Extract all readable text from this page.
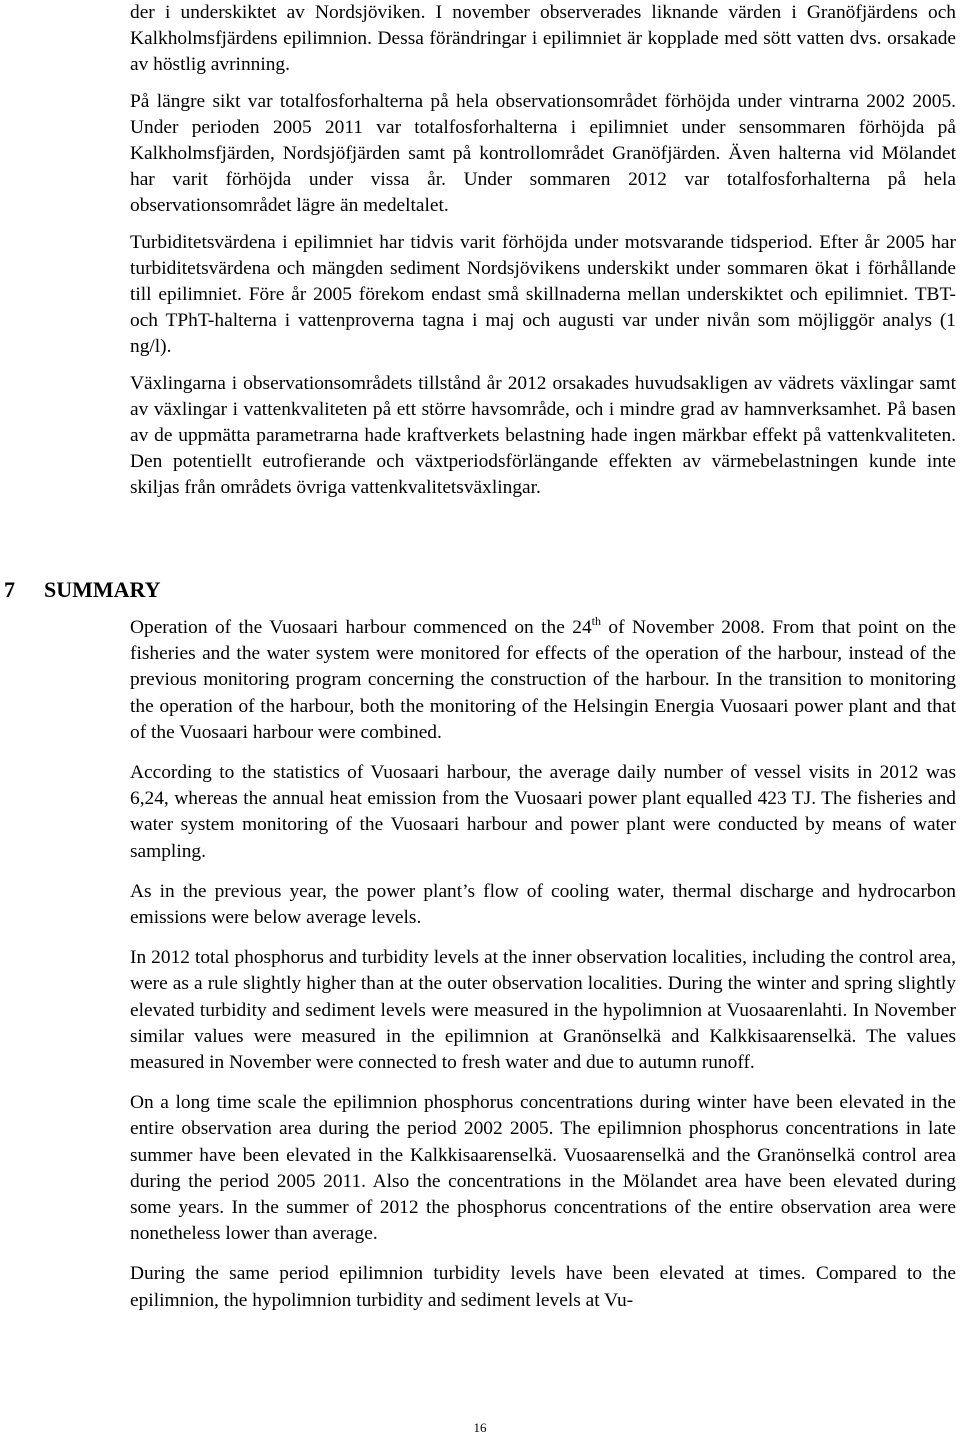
der i underskiktet av Nordsjöviken. I november observerades liknande värden i Granöfjärdens och Kalkholmsfjärdens epilimnion. Dessa förändringar i epilimniet är kopplade med sött vatten dvs. orsakade av höstlig avrinning.

På längre sikt var totalfosforhalterna på hela observationsområdet förhöjda under vintrarna 2002 2005. Under perioden 2005 2011 var totalfosforhalterna i epilimniet under sensommaren förhöjda på Kalkholmsfjärden, Nordsjöfjärden samt på kontrollområdet Granöfjärden. Även halterna vid Mölandet har varit förhöjda under vissa år. Under sommaren 2012 var totalfosforhalterna på hela observationsområdet lägre än medeltalet.

Turbiditetsvärdena i epilimniet har tidvis varit förhöjda under motsvarande tidsperiod. Efter år 2005 har turbiditetsvärdena och mängden sediment Nordsjövikens underskikt under sommaren ökat i förhållande till epilimniet. Före år 2005 förekom endast små skillnaderna mellan underskiktet och epilimniet. TBT- och TPhT-halterna i vattenproverna tagna i maj och augusti var under nivån som möjliggör analys (1 ng/l).

Växlingarna i observationsområdets tillstånd år 2012 orsakades huvudsakligen av vädrets växlingar samt av växlingar i vattenkvaliteten på ett större havsområde, och i mindre grad av hamnverksamhet. På basen av de uppmätta parametrarna hade kraftverkets belastning hade ingen märkbar effekt på vattenkvaliteten. Den potentiellt eutrofierande och växtperiodsförlängande effekten av värmebelastningen kunde inte skiljas från områdets övriga vattenkvalitetsväxlingar.

7 SUMMARY

Operation of the Vuosaari harbour commenced on the 24th of November 2008. From that point on the fisheries and the water system were monitored for effects of the operation of the harbour, instead of the previous monitoring program concerning the construction of the harbour. In the transition to monitoring the operation of the harbour, both the monitoring of the Helsingin Energia Vuosaari power plant and that of the Vuosaari harbour were combined.

According to the statistics of Vuosaari harbour, the average daily number of vessel visits in 2012 was 6,24, whereas the annual heat emission from the Vuosaari power plant equalled 423 TJ. The fisheries and water system monitoring of the Vuosaari harbour and power plant were conducted by means of water sampling.

As in the previous year, the power plant’s flow of cooling water, thermal discharge and hydrocarbon emissions were below average levels.

In 2012 total phosphorus and turbidity levels at the inner observation localities, including the control area, were as a rule slightly higher than at the outer observation localities. During the winter and spring slightly elevated turbidity and sediment levels were measured in the hypolimnion at Vuosaarenlahti. In November similar values were measured in the epilimnion at Granönselkä and Kalkkisaarenselkä. The values measured in November were connected to fresh water and due to autumn runoff.

On a long time scale the epilimnion phosphorus concentrations during winter have been elevated in the entire observation area during the period 2002 2005. The epilimnion phosphorus concentrations in late summer have been elevated in the Kalkkisaarenselkä. Vuosaarenselkä and the Granönselkä control area during the period 2005 2011. Also the concentrations in the Mölandet area have been elevated during some years. In the summer of 2012 the phosphorus concentrations of the entire observation area were nonetheless lower than average.

During the same period epilimnion turbidity levels have been elevated at times. Compared to the epilimnion, the hypolimnion turbidity and sediment levels at Vu-

16
